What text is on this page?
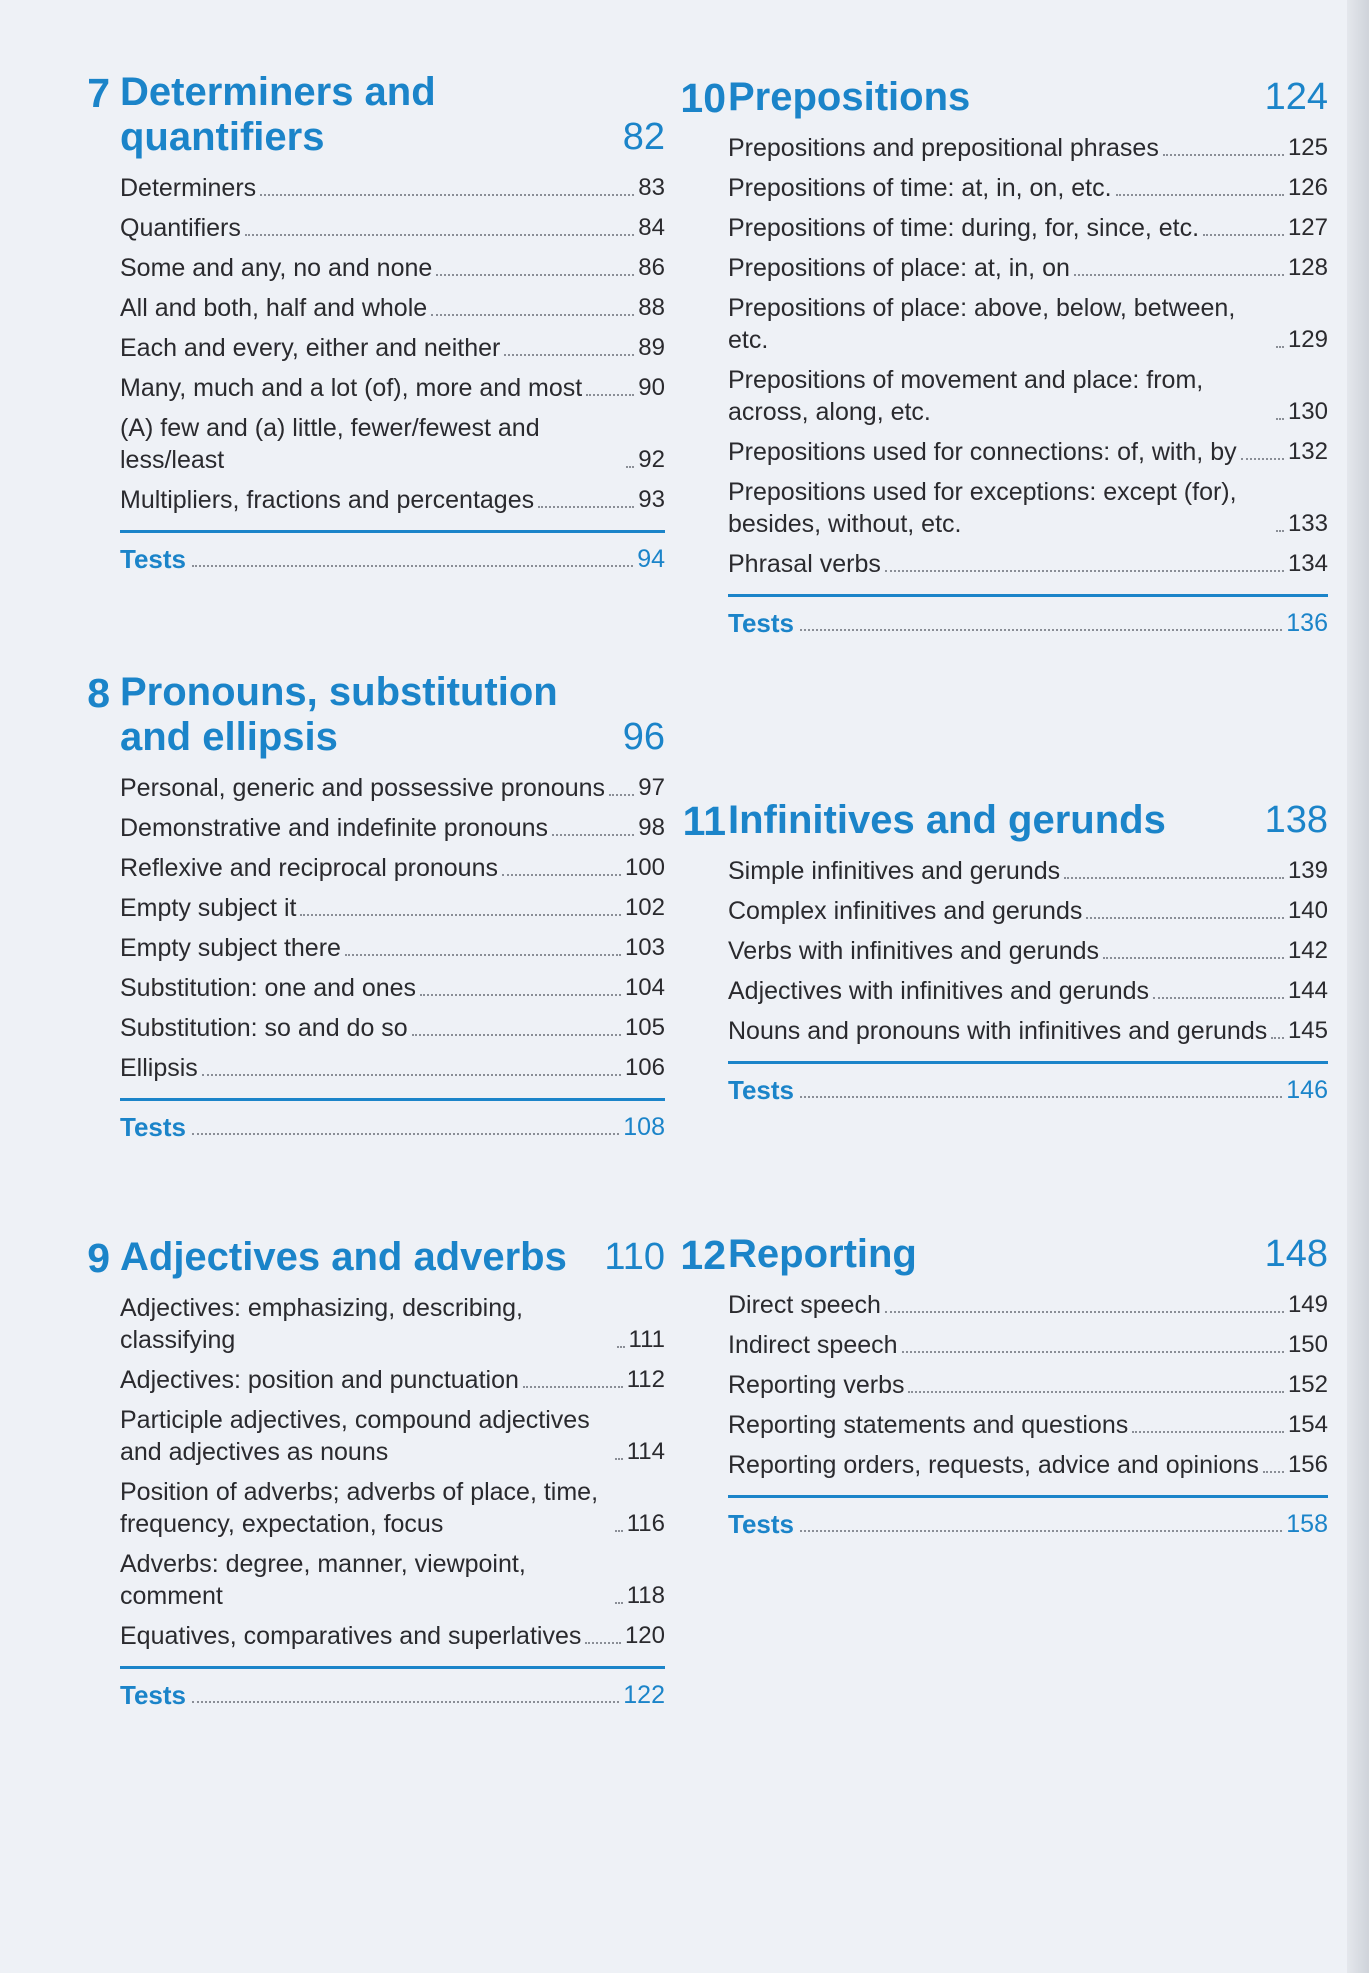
7 Determiners and quantifiers	82
Determiners	83
Quantifiers	84
Some and any, no and none	86
All and both, half and whole	88
Each and every, either and neither	89
Many, much and a lot (of), more and most 90
(A) few and (a) little, fewer/fewest and less/least	92
Multipliers, fractions and percentages	93
Tests	94
8 Pronouns, substitution and ellipsis	96
Personal, generic and possessive pronouns 97
Demonstrative and indefinite pronouns	98
Reflexive and reciprocal pronouns	100
Empty subject it	102
Empty subject there	103
Substitution: one and ones	104
Substitution: so and do so	105
Ellipsis	106
Tests	108
9 Adjectives and adverbs 110
Adjectives: emphasizing, describing, classifying	111
Adjectives: position and punctuation	112
Participle adjectives, compound adjectives and adjectives as nouns	114
Position of adverbs; adverbs of place, time, frequency, expectation, focus	116
Adverbs: degree, manner, viewpoint, comment	118
Equatives, comparatives and superlatives 120
Tests	122
10 Prepositions	124
Prepositions and prepositional phrases	125
Prepositions of time: at, in, on, etc.	126
Prepositions of time: during, for, since, etc.	127
Prepositions of place: at, in, on	128
Prepositions of place: above, below, between, etc.	129
Prepositions of movement and place: from, across, along, etc.	130
Prepositions used for connections: of, with, by 132
Prepositions used for exceptions: except (for), besides, without, etc.	133
Phrasal verbs	134
Tests	136
11 Infinitives and gerunds	138
Simple infinitives and gerunds	139
Complex infinitives and gerunds	140
Verbs with infinitives and gerunds	142
Adjectives with infinitives and gerunds	144
Nouns and pronouns with infinitives and gerunds 145
Tests	146
12 Reporting	148
Direct speech	149
Indirect speech	150
Reporting verbs	152
Reporting statements and questions	154
Reporting orders, requests, advice and opinions 156
Tests	158
